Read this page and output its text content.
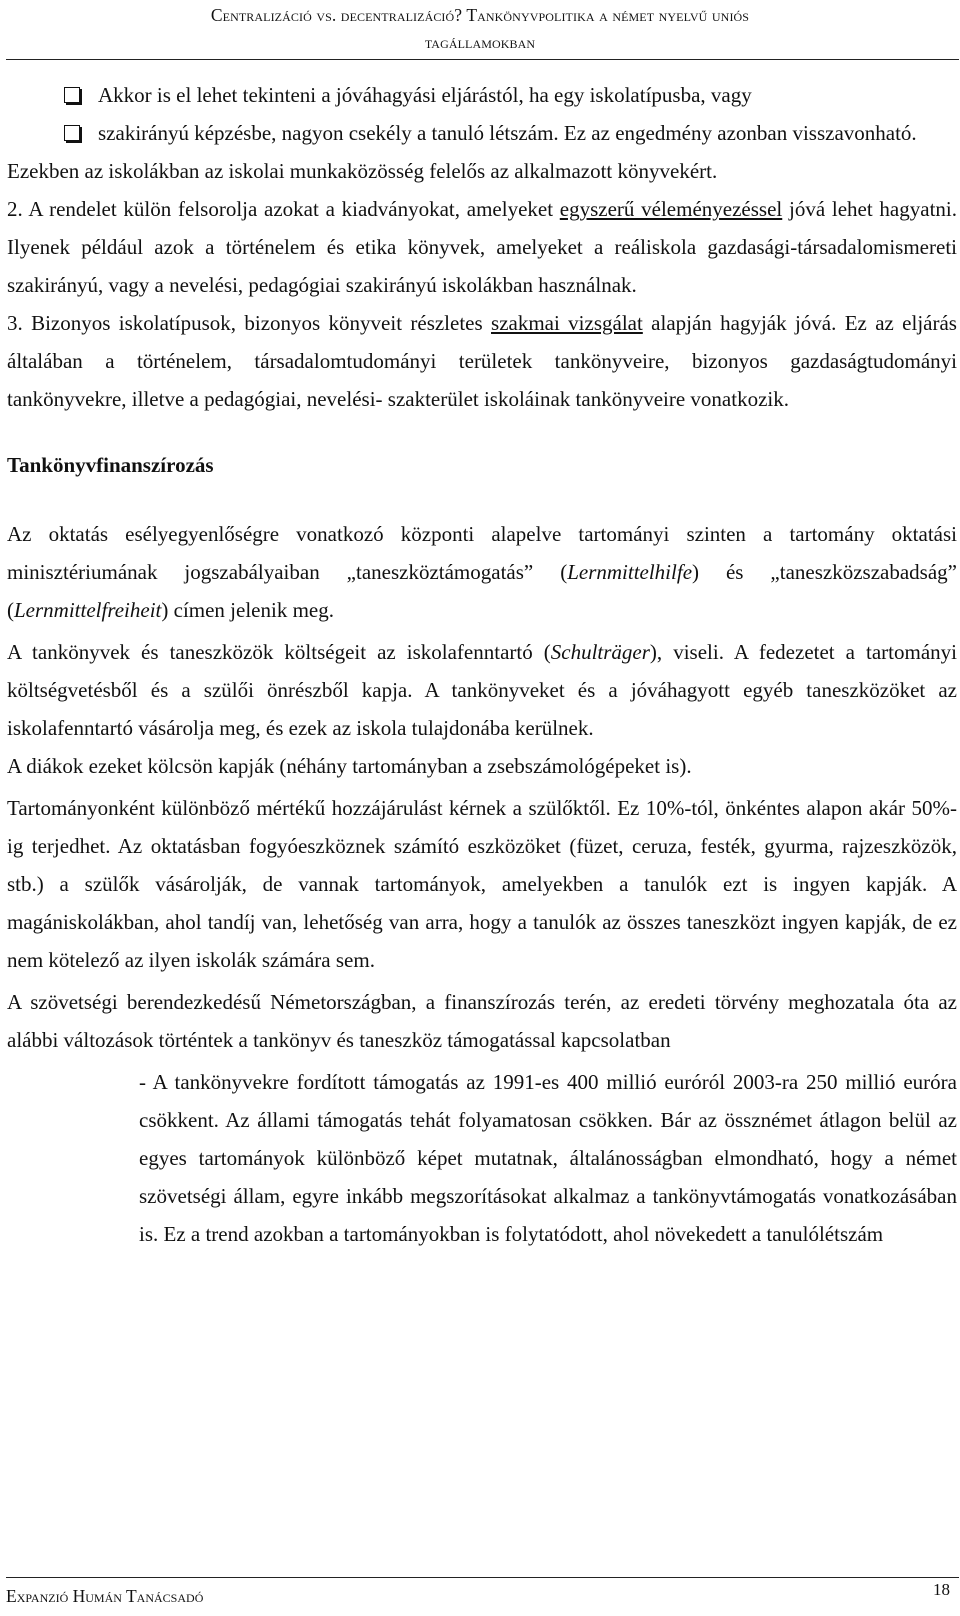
Centralizáció vs. decentralizáció? Tankönyvpolitika a német nyelvű uniós
tagállamokban

Akkor is el lehet tekinteni a jóváhagyási eljárástól, ha egy iskolatípusba, vagy

szakirányú képzésbe, nagyon csekély a tanuló létszám. Ez az engedmény azonban visszavonható.

Ezekben az iskolákban az iskolai munkaközösség felelős az alkalmazott könyvekért.

2. A rendelet külön felsorolja azokat a kiadványokat, amelyeket egyszerű véleményezéssel jóvá lehet hagyatni. Ilyenek például azok a történelem és etika könyvek, amelyeket a reáliskola gazdasági-társadalomismereti szakirányú, vagy a nevelési, pedagógiai szakirányú iskolákban használnak.

3. Bizonyos iskolatípusok, bizonyos könyveit részletes szakmai vizsgálat alapján hagyják jóvá. Ez az eljárás általában a történelem, társadalomtudományi területek tankönyveire, bizonyos gazdaságtudományi tankönyvekre, illetve a pedagógiai, nevelési- szakterület iskoláinak tankönyveire vonatkozik.

Tankönyvfinanszírozás

Az oktatás esélyegyenlőségre vonatkozó központi alapelve tartományi szinten a tartomány oktatási minisztériumának jogszabályaiban „taneszköztámogatás” (Lernmittelhilfe) és „taneszközszabadság” (Lernmittelfreiheit) címen jelenik meg.

A tankönyvek és taneszközök költségeit az iskolafenntartó (Schulträger), viseli. A fedezetet a tartományi költségvetésből és a szülői önrészből kapja. A tankönyveket és a jóváhagyott egyéb taneszközöket az iskolafenntartó vásárolja meg, és ezek az iskola tulajdonába kerülnek.

A diákok ezeket kölcsön kapják (néhány tartományban a zsebszámológépeket is).

Tartományonként különböző mértékű hozzájárulást kérnek a szülőktől. Ez 10%-tól, önkéntes alapon akár 50%-ig terjedhet. Az oktatásban fogyóeszköznek számító eszközöket (füzet, ceruza, festék, gyurma, rajzeszközök, stb.) a szülők vásárolják, de vannak tartományok, amelyekben a tanulók ezt is ingyen kapják. A magániskolákban, ahol tandíj van, lehetőség van arra, hogy a tanulók az összes taneszközt ingyen kapják, de ez nem kötelező az ilyen iskolák számára sem.

A szövetségi berendezkedésű Németországban, a finanszírozás terén, az eredeti törvény meghozatala óta az alábbi változások történtek a tankönyv és taneszköz támogatással kapcsolatban

- A tankönyvekre fordított támogatás az 1991-es 400 millió euróról 2003-ra 250 millió euróra csökkent. Az állami támogatás tehát folyamatosan csökken. Bár az össznémet átlagon belül az egyes tartományok különböző képet mutatnak, általánosságban elmondható, hogy a német szövetségi állam, egyre inkább megszorításokat alkalmaz a tankönyvtámogatás vonatkozásában is. Ez a trend azokban a tartományokban is folytatódott, ahol növekedett a tanulólétszám

Expanzió Humán Tanácsadó	18
